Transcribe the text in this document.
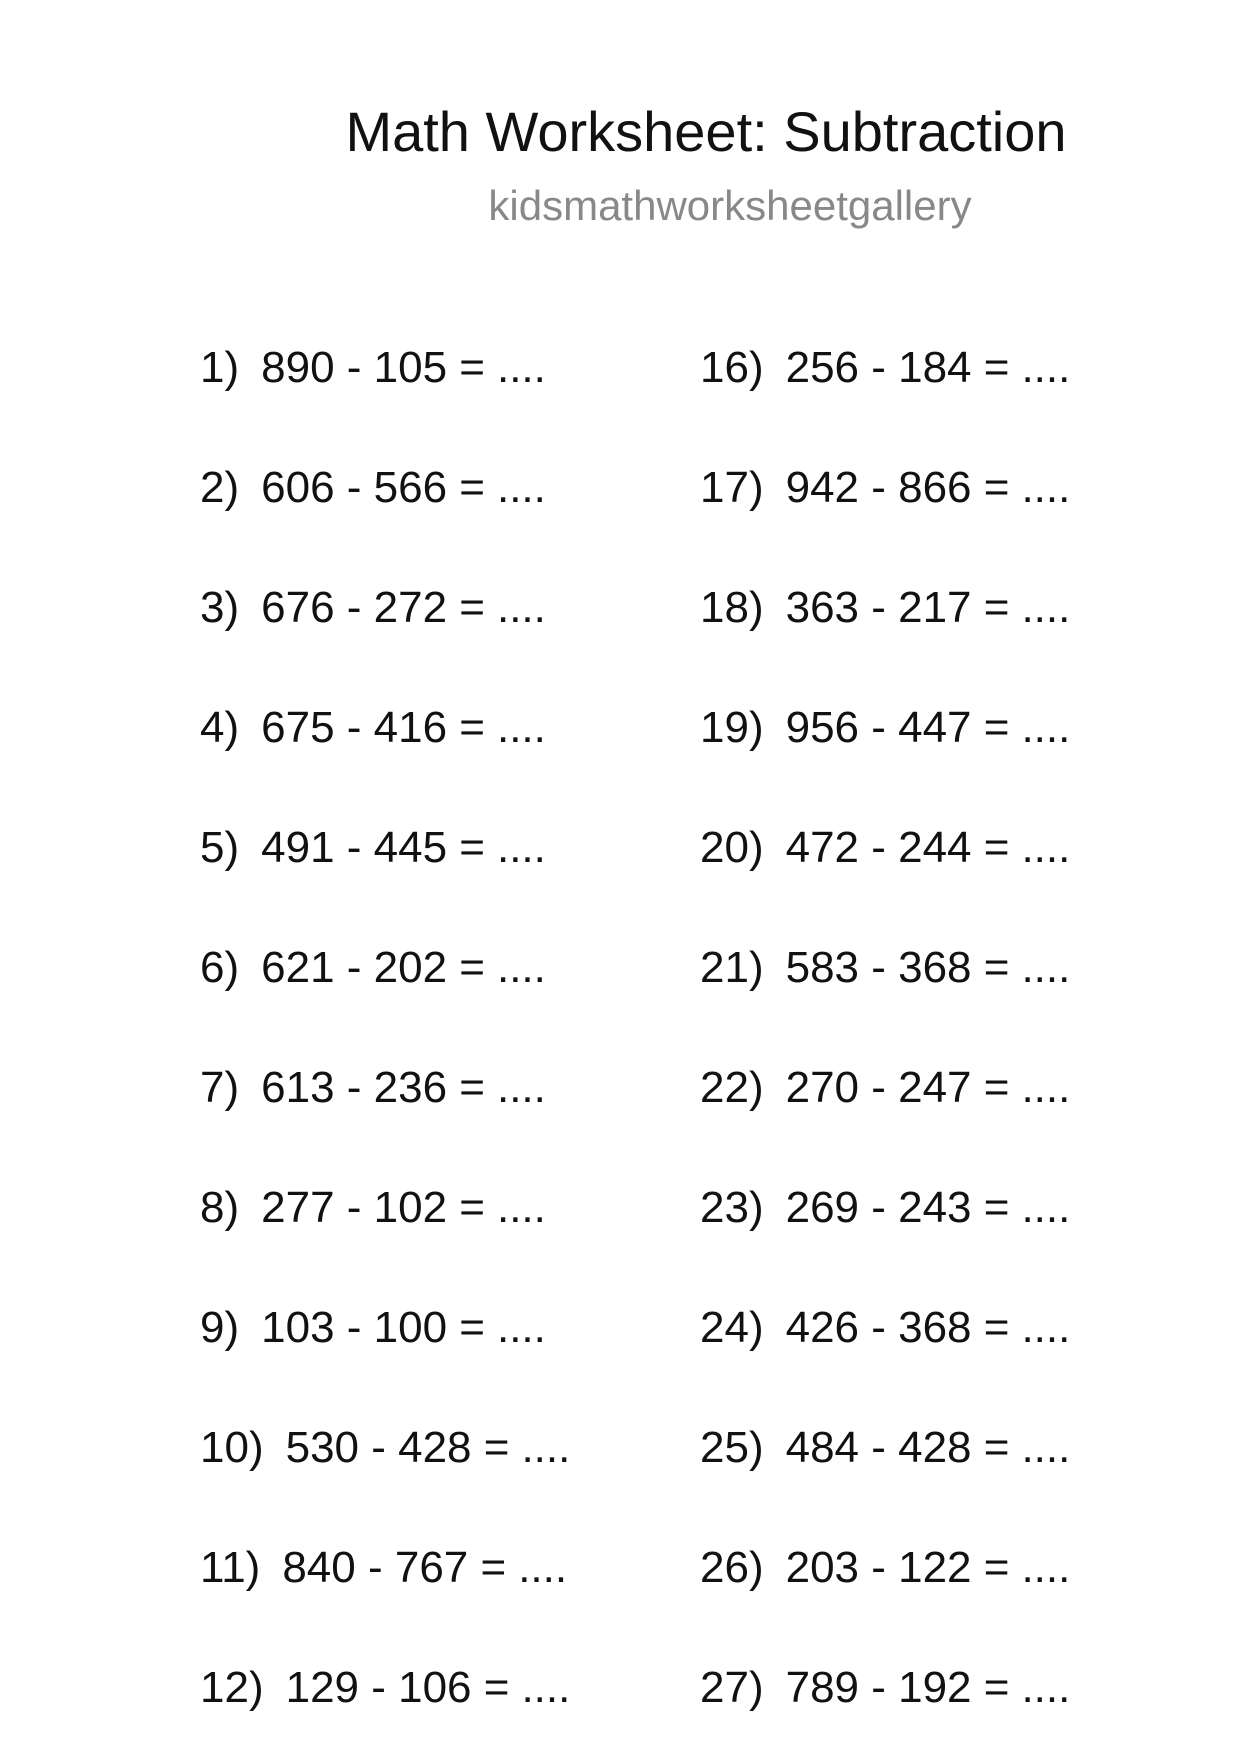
Math Worksheet: Subtraction
kidsmathworksheetgallery
1) 890 - 105 = ....
2) 606 - 566 = ....
3) 676 - 272 = ....
4) 675 - 416 = ....
5) 491 - 445 = ....
6) 621 - 202 = ....
7) 613 - 236 = ....
8) 277 - 102 = ....
9) 103 - 100 = ....
10) 530 - 428 = ....
11) 840 - 767 = ....
12) 129 - 106 = ....
16) 256 - 184 = ....
17) 942 - 866 = ....
18) 363 - 217 = ....
19) 956 - 447 = ....
20) 472 - 244 = ....
21) 583 - 368 = ....
22) 270 - 247 = ....
23) 269 - 243 = ....
24) 426 - 368 = ....
25) 484 - 428 = ....
26) 203 - 122 = ....
27) 789 - 192 = ....
